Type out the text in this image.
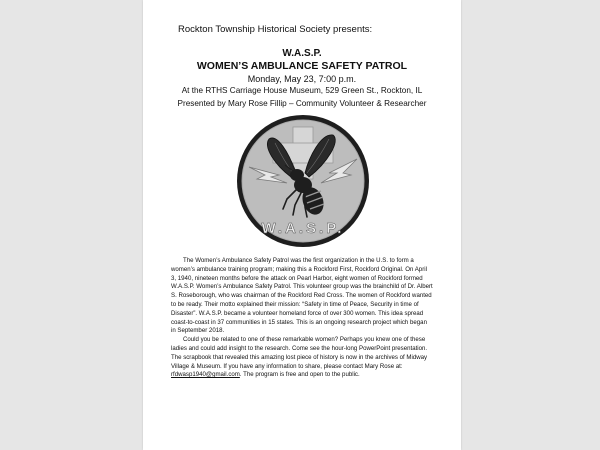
Rockton Township Historical Society presents:
W.A.S.P.
WOMEN’S AMBULANCE SAFETY PATROL
Monday, May 23, 7:00 p.m.
At the RTHS Carriage House Museum, 529 Green St., Rockton, IL
Presented by Mary Rose Fillip – Community Volunteer & Researcher
W.A.S.P.

The Women’s Ambulance Safety Patrol was the first organization in the U.S. to form a women’s ambulance training program; making this a Rockford First, Rockford Original. On April 3, 1940, nineteen months before the attack on Pearl Harbor, eight women of Rockford formed W.A.S.P. Women’s Ambulance Safety Patrol. This volunteer group was the brainchild of Dr. Albert S. Roseborough, who was chairman of the Rockford Red Cross. The women of Rockford wanted to be ready. Their motto explained their mission: “Safety in time of Peace, Security in time of Disaster”. W.A.S.P. became a volunteer homeland force of over 300 women. This idea spread coast-to-coast in 37 communities in 15 states. This is an ongoing research project which began in September 2018.

Could you be related to one of these remarkable women? Perhaps you knew one of these ladies and could add insight to the research. Come see the hour-long PowerPoint presentation. The scrapbook that revealed this amazing lost piece of history is now in the archives of Midway Village & Museum. If you have any information to share, please contact Mary Rose at: rfdwasp1940@gmail.com. The program is free and open to the public.
